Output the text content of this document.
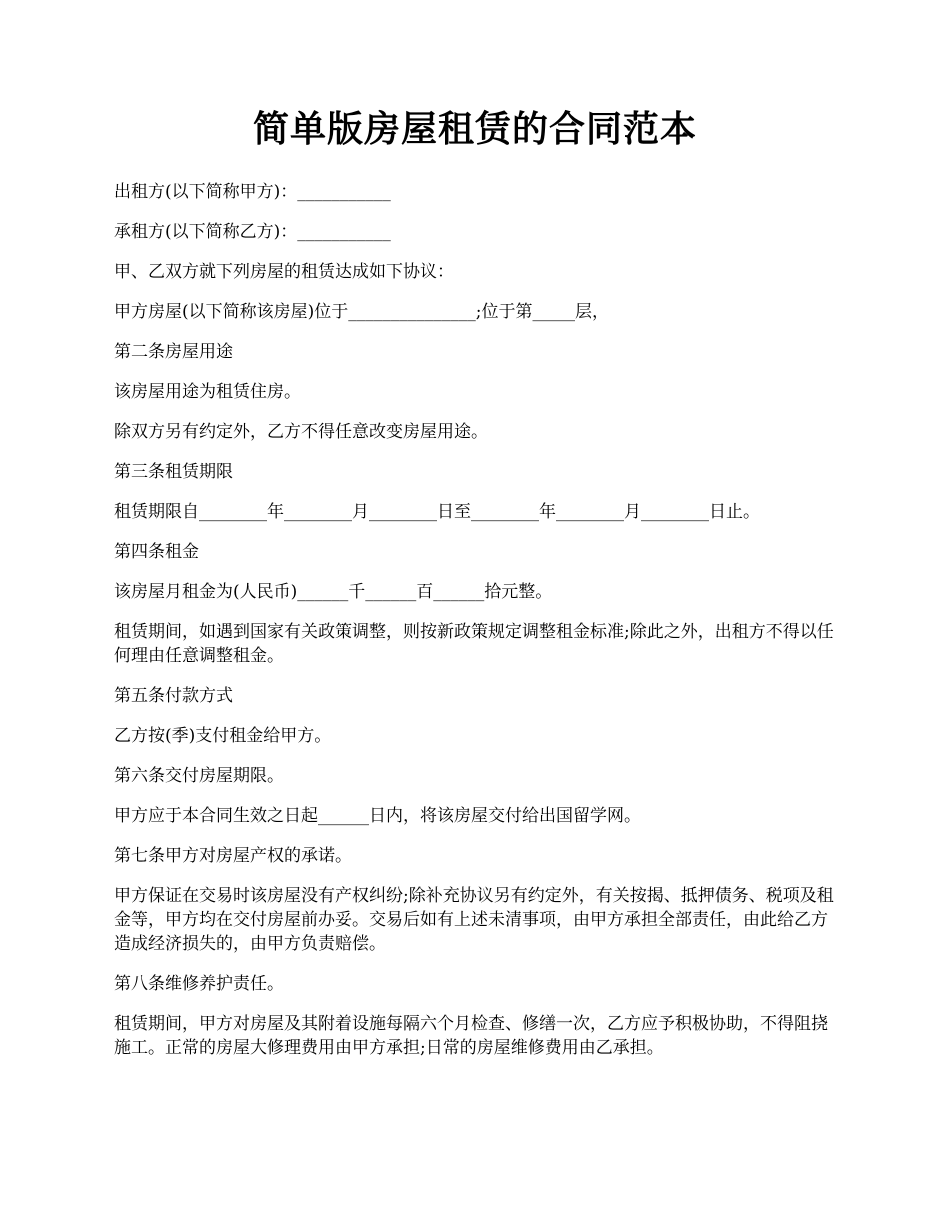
简单版房屋租赁的合同范本

出租方(以下简称甲方)：___________

承租方(以下简称乙方)：___________

甲、乙双方就下列房屋的租赁达成如下协议：

甲方房屋(以下简称该房屋)位于_______________;位于第_____层，

第二条房屋用途

该房屋用途为租赁住房。

除双方另有约定外，乙方不得任意改变房屋用途。

第三条租赁期限

租赁期限自________年________月________日至________年________月________日止。

第四条租金

该房屋月租金为(人民币)______千______百______拾元整。

租赁期间，如遇到国家有关政策调整，则按新政策规定调整租金标准;除此之外，出租方不得以任何理由任意调整租金。

第五条付款方式

乙方按(季)支付租金给甲方。

第六条交付房屋期限。

甲方应于本合同生效之日起______日内，将该房屋交付给出国留学网。

第七条甲方对房屋产权的承诺。

甲方保证在交易时该房屋没有产权纠纷;除补充协议另有约定外，有关按揭、抵押债务、税项及租金等，甲方均在交付房屋前办妥。交易后如有上述未清事项，由甲方承担全部责任，由此给乙方造成经济损失的，由甲方负责赔偿。

第八条维修养护责任。

租赁期间，甲方对房屋及其附着设施每隔六个月检查、修缮一次，乙方应予积极协助，不得阻挠施工。正常的房屋大修理费用由甲方承担;日常的房屋维修费用由乙承担。
